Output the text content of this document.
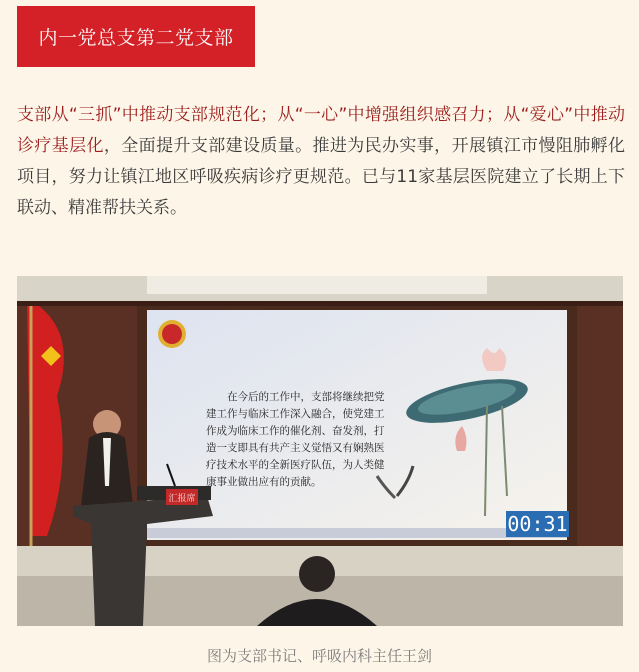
内一党总支第二党支部
支部从“三抓”中推动支部规范化；从“一心”中增强组织感召力；从“爱心”中推动诊疗基层化，全面提升支部建设质量。推进为民办实事，开展镇江市慢阻肺孵化项目，努力让镇江地区呼吸疾病诊疗更规范。已与11家基层医院建立了长期上下联动、精准帮扶关系。
在今后的工作中，支部将继续把党建工作与临床工作深入融合，使党建工作成为临床工作的催化剂、奋发剂，打造一支即具有共产主义觉悟又有娴熟医疗技术水平的全新医疗队伍，为人类健康事业做出应有的贡献。
汇报席
00:31
图为支部书记、呼吸内科主任王剑
